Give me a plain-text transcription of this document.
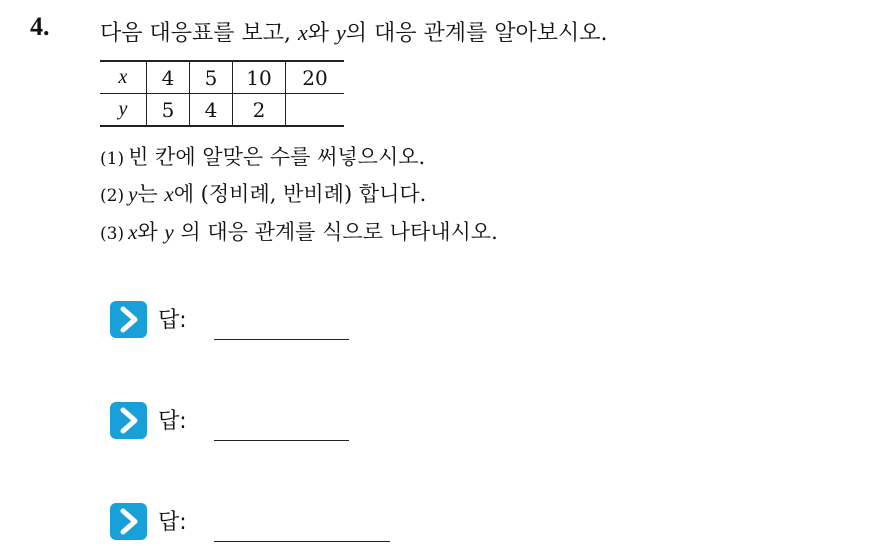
4. 다음 대응표를 보고, x와 y의 대응 관계를 알아보시오.
x	4	5	10	20
y	5	4	2	
(1) 빈 칸에 알맞은 수를 써넣으시오.
(2) y는 x에 (정비례, 반비례) 합니다.
(3) x와 y 의 대응 관계를 식으로 나타내시오.
답:
답:
답:
